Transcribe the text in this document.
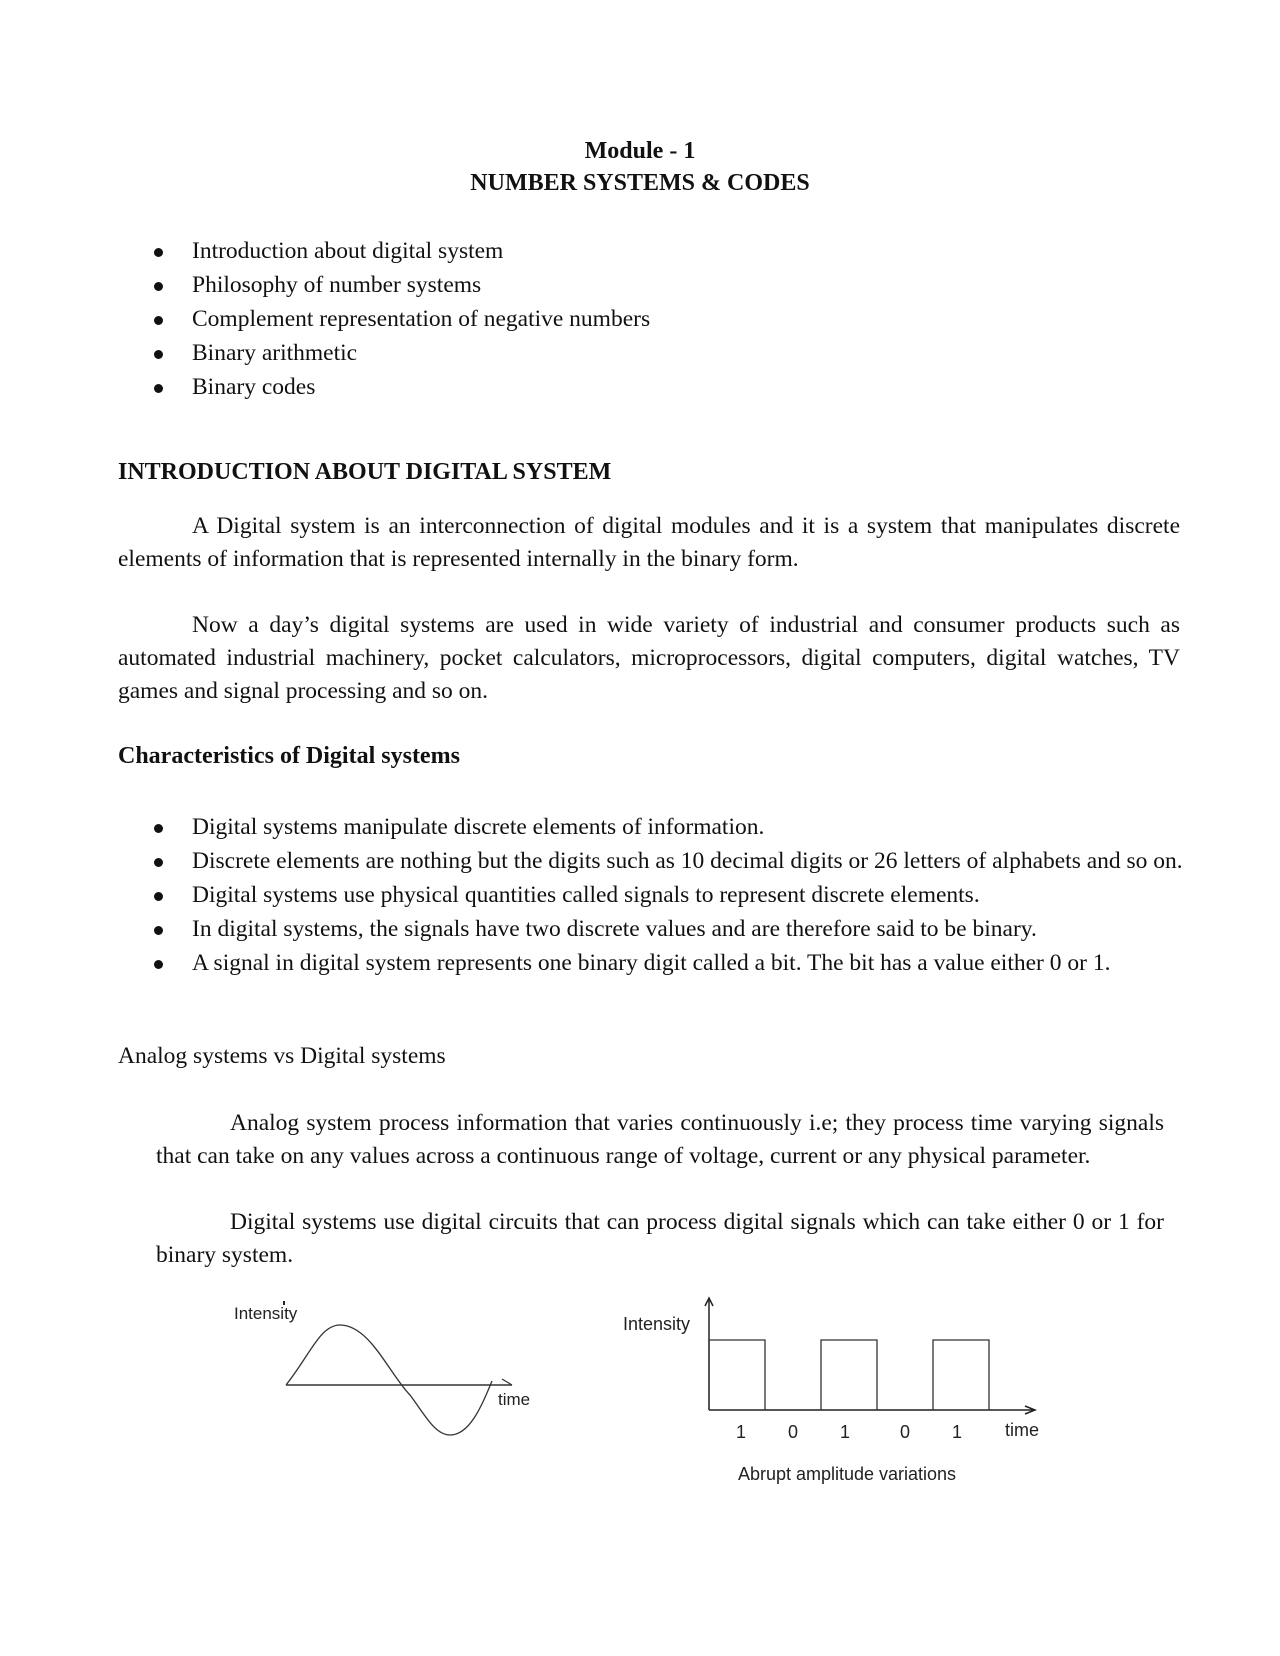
Module - 1
NUMBER SYSTEMS & CODES
Introduction about digital system
Philosophy of number systems
Complement representation of negative numbers
Binary arithmetic
Binary codes
INTRODUCTION ABOUT DIGITAL SYSTEM
A Digital system is an interconnection of digital modules and it is a system that manipulates discrete elements of information that is represented internally in the binary form.
Now a day’s digital systems are used in wide variety of industrial and consumer products such as automated industrial machinery, pocket calculators, microprocessors, digital computers, digital watches, TV games and signal processing and so on.
Characteristics of Digital systems
Digital systems manipulate discrete elements of information.
Discrete elements are nothing but the digits such as 10 decimal digits or 26 letters of alphabets and so on.
Digital systems use physical quantities called signals to represent discrete elements.
In digital systems, the signals have two discrete values and are therefore said to be binary.
A signal in digital system represents one binary digit called a bit. The bit has a value either 0 or 1.
Analog systems vs Digital systems
Analog system process information that varies continuously i.e; they process time varying signals that can take on any values across a continuous range of voltage, current or any physical parameter.
Digital systems use digital circuits that can process digital signals which can take either 0 or 1 for binary system.
Intensity
time
Intensity
1 0 1	0 1 time
Abrupt amplitude variations
